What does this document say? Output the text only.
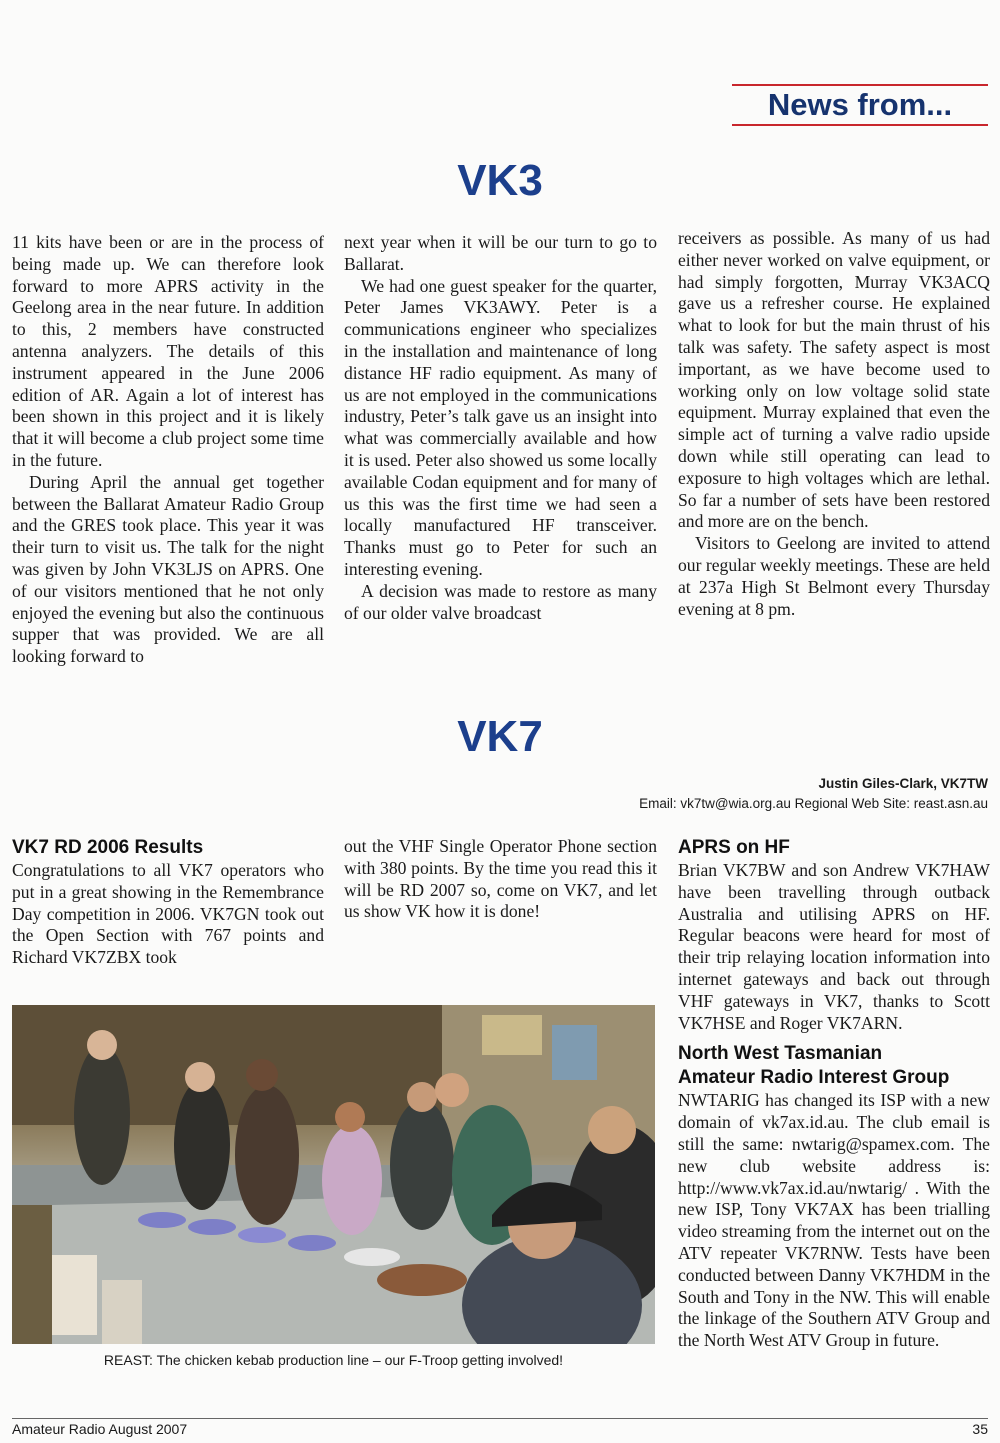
News from...
VK3

11 kits have been or are in the process of being made up. We can therefore look forward to more APRS activity in the Geelong area in the near future. In addition to this, 2 members have constructed antenna analyzers. The details of this instrument appeared in the June 2006 edition of AR. Again a lot of interest has been shown in this project and it is likely that it will become a club project some time in the future.

During April the annual get together between the Ballarat Amateur Radio Group and the GRES took place. This year it was their turn to visit us. The talk for the night was given by John VK3LJS on APRS. One of our visitors mentioned that he not only enjoyed the evening but also the continuous supper that was provided. We are all looking forward to

next year when it will be our turn to go to Ballarat.

We had one guest speaker for the quarter, Peter James VK3AWY. Peter is a communications engineer who specializes in the installation and maintenance of long distance HF radio equipment. As many of us are not employed in the communications industry, Peter’s talk gave us an insight into what was commercially available and how it is used. Peter also showed us some locally available Codan equipment and for many of us this was the first time we had seen a locally manufactured HF transceiver. Thanks must go to Peter for such an interesting evening.

A decision was made to restore as many of our older valve broadcast

receivers as possible. As many of us had either never worked on valve equipment, or had simply forgotten, Murray VK3ACQ gave us a refresher course. He explained what to look for but the main thrust of his talk was safety. The safety aspect is most important, as we have become used to working only on low voltage solid state equipment. Murray explained that even the simple act of turning a valve radio upside down while still operating can lead to exposure to high voltages which are lethal. So far a number of sets have been restored and more are on the bench.

Visitors to Geelong are invited to attend our regular weekly meetings. These are held at 237a High St Belmont every Thursday evening at 8 pm.

VK7
Justin Giles-Clark, VK7TW
Email: vk7tw@wia.org.au Regional Web Site: reast.asn.au
VK7 RD 2006 Results

Congratulations to all VK7 operators who put in a great showing in the Remembrance Day competition in 2006. VK7GN took out the Open Section with 767 points and Richard VK7ZBX took

out the VHF Single Operator Phone section with 380 points. By the time you read this it will be RD 2007 so, come on VK7, and let us show VK how it is done!

APRS on HF

Brian VK7BW and son Andrew VK7HAW have been travelling through outback Australia and utilising APRS on HF. Regular beacons were heard for most of their trip relaying location information into internet gateways and back out through VHF gateways in VK7, thanks to Scott VK7HSE and Roger VK7ARN.

North West Tasmanian
Amateur Radio Interest Group

NWTARIG has changed its ISP with a new domain of vk7ax.id.au. The club email is still the same: nwtarig@spamex.com. The new club website address is: http://www.vk7ax.id.au/nwtarig/ . With the new ISP, Tony VK7AX has been trialling video streaming from the internet out on the ATV repeater VK7RNW. Tests have been conducted between Danny VK7HDM in the South and Tony in the NW. This will enable the linkage of the Southern ATV Group and the North West ATV Group in future.

REAST: The chicken kebab production line – our F-Troop getting involved!
Amateur Radio August 2007	35
